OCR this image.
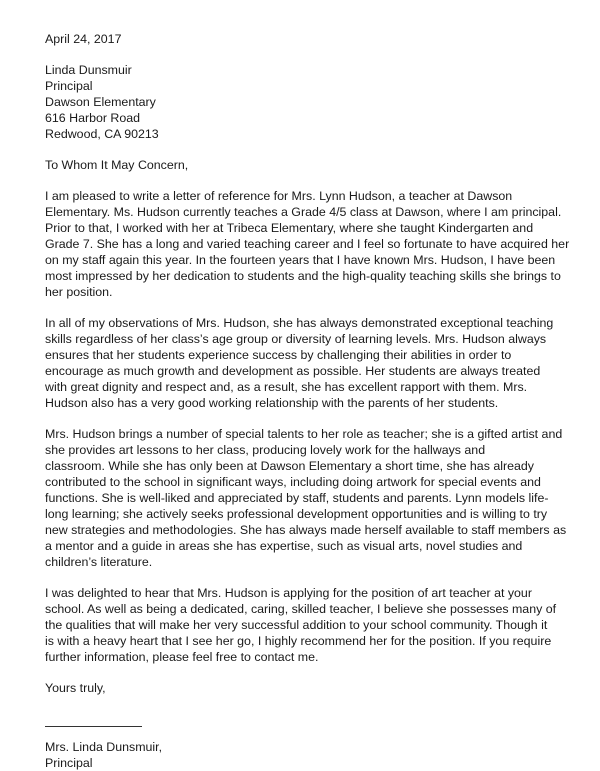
April 24, 2017

Linda Dunsmuir

Principal

Dawson Elementary

616 Harbor Road

Redwood, CA 90213

To Whom It May Concern,

I am pleased to write a letter of reference for Mrs. Lynn Hudson, a teacher at Dawson

Elementary. Ms. Hudson currently teaches a Grade 4/5 class at Dawson, where I am principal.

Prior to that, I worked with her at Tribeca Elementary, where she taught Kindergarten and

Grade 7. She has a long and varied teaching career and I feel so fortunate to have acquired her

on my staff again this year. In the fourteen years that I have known Mrs. Hudson, I have been

most impressed by her dedication to students and the high-quality teaching skills she brings to

her position.

In all of my observations of Mrs. Hudson, she has always demonstrated exceptional teaching

skills regardless of her class’s age group or diversity of learning levels. Mrs. Hudson always

ensures that her students experience success by challenging their abilities in order to

encourage as much growth and development as possible. Her students are always treated

with great dignity and respect and, as a result, she has excellent rapport with them. Mrs.

Hudson also has a very good working relationship with the parents of her students.

Mrs. Hudson brings a number of special talents to her role as teacher; she is a gifted artist and

she provides art lessons to her class, producing lovely work for the hallways and

classroom. While she has only been at Dawson Elementary a short time, she has already

contributed to the school in significant ways, including doing artwork for special events and

functions. She is well-liked and appreciated by staff, students and parents. Lynn models life-

long learning; she actively seeks professional development opportunities and is willing to try

new strategies and methodologies. She has always made herself available to staff members as

a mentor and a guide in areas she has expertise, such as visual arts, novel studies and

children’s literature.

I was delighted to hear that Mrs. Hudson is applying for the position of art teacher at your

school. As well as being a dedicated, caring, skilled teacher, I believe she possesses many of

the qualities that will make her very successful addition to your school community. Though it

is with a heavy heart that I see her go, I highly recommend her for the position. If you require

further information, please feel free to contact me.

Yours truly,

Mrs. Linda Dunsmuir,

Principal
